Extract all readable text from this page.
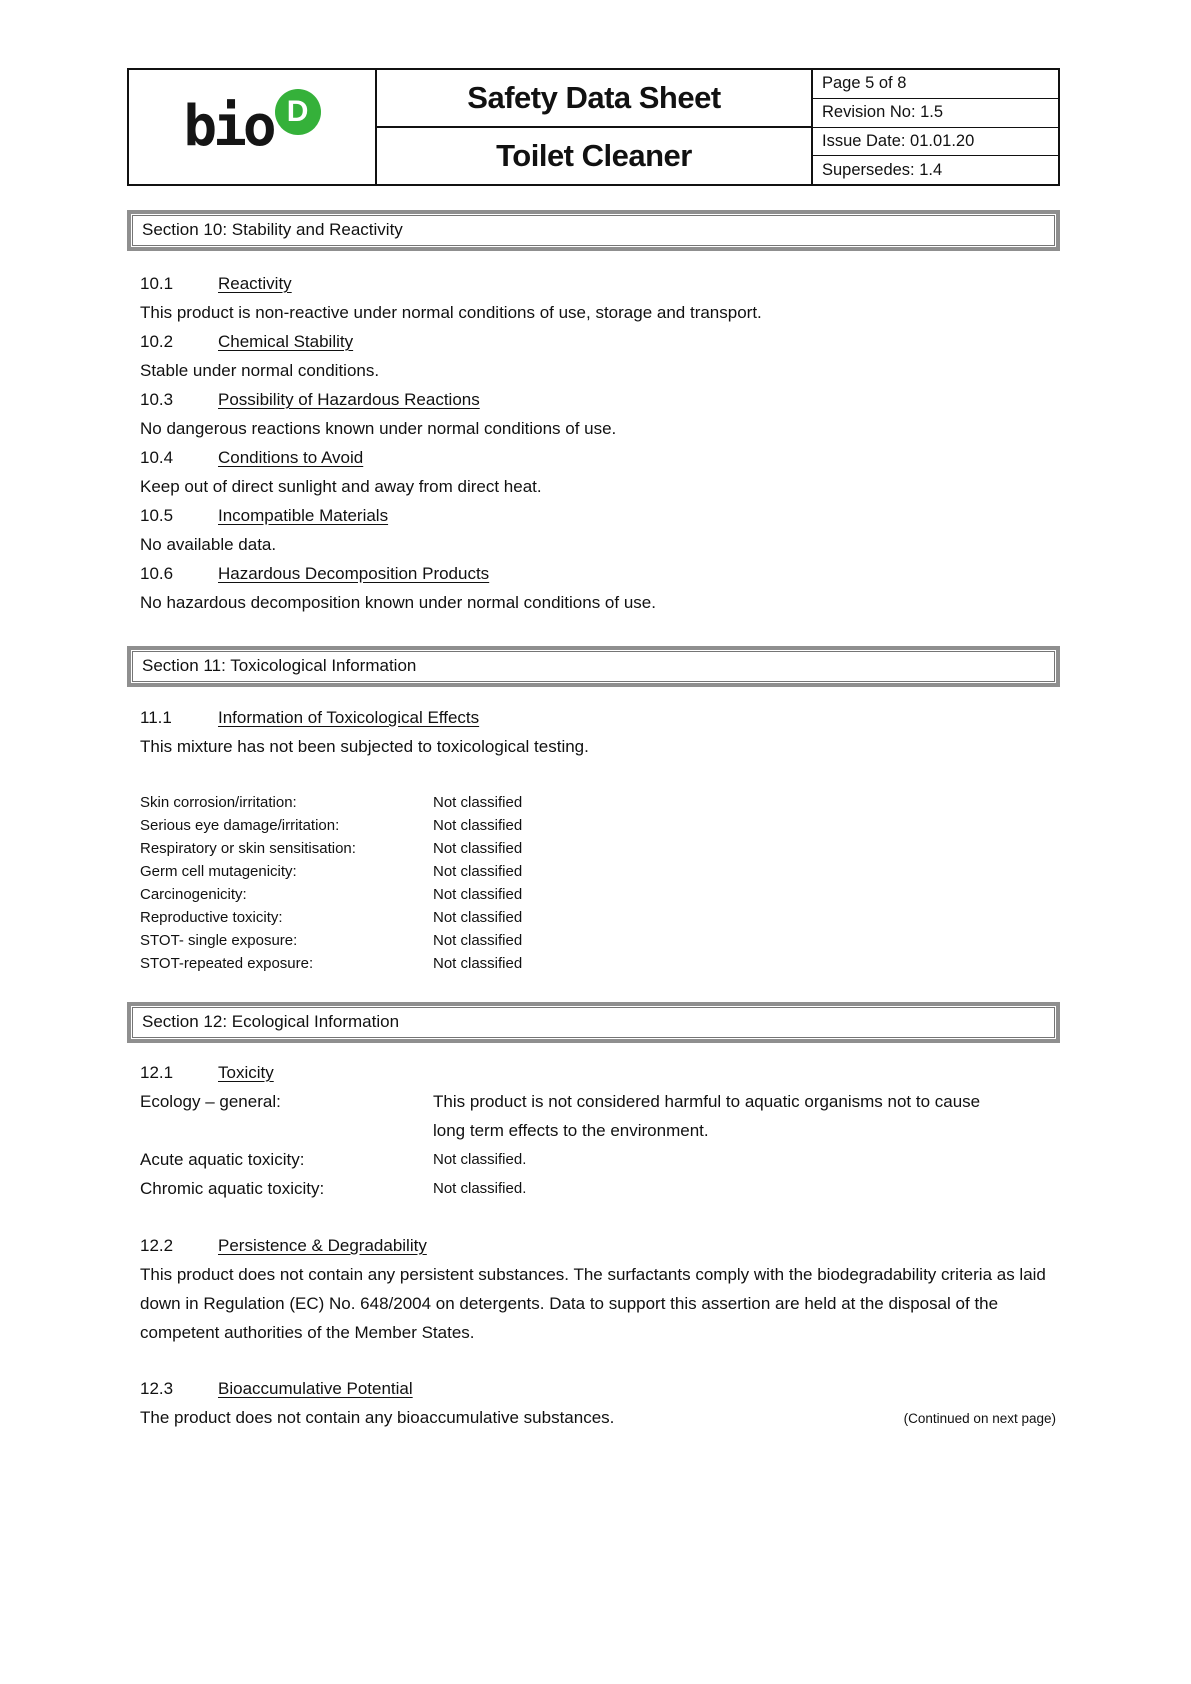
bio D	Safety Data Sheet
Toilet Cleaner
Page 5 of 8
Revision No: 1.5
Issue Date: 01.01.20
Supersedes: 1.4
Section 10: Stability and Reactivity
10.1	Reactivity
This product is non-reactive under normal conditions of use, storage and transport.
10.2	Chemical Stability
Stable under normal conditions.
10.3	Possibility of Hazardous Reactions
No dangerous reactions known under normal conditions of use.
10.4	Conditions to Avoid
Keep out of direct sunlight and away from direct heat.
10.5	Incompatible Materials
No available data.
10.6	Hazardous Decomposition Products
No hazardous decomposition known under normal conditions of use.
Section 11: Toxicological Information
11.1	Information of Toxicological Effects
This mixture has not been subjected to toxicological testing.
Skin corrosion/irritation:	Not classified
Serious eye damage/irritation:	Not classified
Respiratory or skin sensitisation:	Not classified
Germ cell mutagenicity:	Not classified
Carcinogenicity:	Not classified
Reproductive toxicity:	Not classified
STOT- single exposure:	Not classified
STOT-repeated exposure:	Not classified
Section 12: Ecological Information
12.1	Toxicity
Ecology – general:	This product is not considered harmful to aquatic organisms not to cause long term effects to the environment.
Acute aquatic toxicity:	Not classified.
Chromic aquatic toxicity:	Not classified.
12.2	Persistence & Degradability
This product does not contain any persistent substances. The surfactants comply with the biodegradability criteria as laid down in Regulation (EC) No. 648/2004 on detergents. Data to support this assertion are held at the disposal of the competent authorities of the Member States.
12.3	Bioaccumulative Potential
The product does not contain any bioaccumulative substances.	(Continued on next page)
